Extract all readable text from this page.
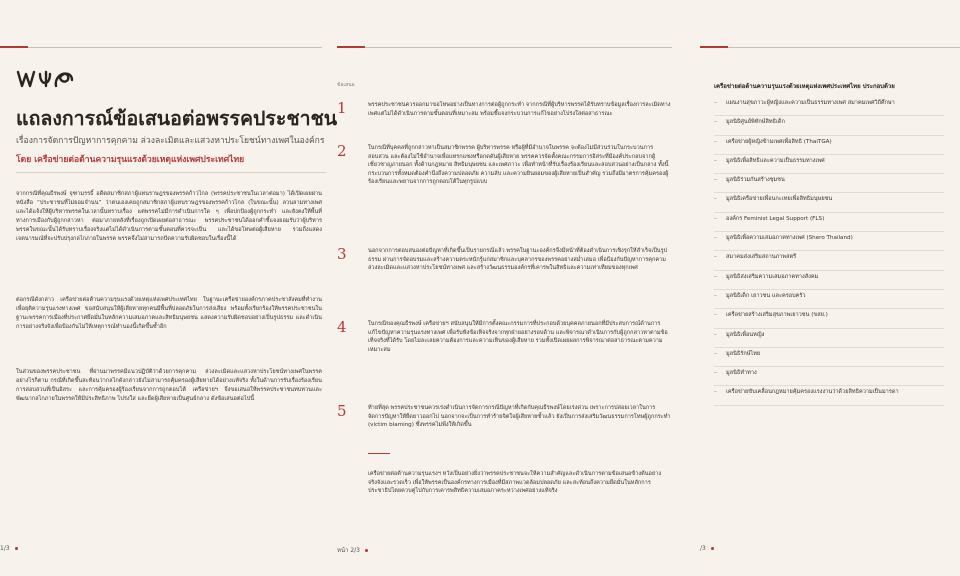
แถลงการณ์ข้อเสนอต่อพรรคประชาชน
เรื่องการจัดการปัญหาการคุกคาม ล่วงละเมิดและแสวงหาประโยชน์ทางเพศในองค์กร
โดย เครือข่ายต่อต้านความรุนแรงด้วยเหตุแห่งเพศประเทศไทย
จากกรณีที่คุณธีรพงษ์ จุฑามรรธิ์ อดีตสมาชิกสภาผู้แทนราษฎรของพรรคก้าวไกล (พรรคประชาชนในเวลาต่อมา) ได้เปิดเผยผ่านหนังสือ “ประชาชนที่ไม่ยอมจำนน” ว่าตนเองเคยถูกสมาชิกสภาผู้แทนราษฎรของพรรคก้าวไกล (ในขณะนั้น) ลวนลามทางเพศ และได้แจ้งให้ผู้บริหารพรรคในเวลานั้นทราบเรื่อง แต่พรรคไม่มีการดำเนินการใด ๆ เพื่อปกป้องผู้ถูกกระทำ และยังคงให้พื้นที่ทางการเมืองกับผู้ถูกกล่าวหา ต่อมาภายหลังที่เรื่องถูกเปิดเผยต่อสาธารณะ พรรคประชาชนได้ออกคำชี้แจงยอมรับว่าผู้บริหารพรรคในขณะนั้นได้รับทราบเรื่องจริงแต่ไม่ได้ดำเนินการตามขั้นตอนที่ควรจะเป็น และได้ขอโทษต่อผู้เสียหาย รวมถึงแสดงเจตนารมณ์ที่จะปรับปรุงกลไกภายในพรรค พรรคจึงไม่สามารถปัดความรับผิดชอบในเรื่องนี้ได้
ต่อกรณีดังกล่าว เครือข่ายต่อต้านความรุนแรงด้วยเหตุแห่งเพศประเทศไทย ในฐานะเครือข่ายองค์กรภาคประชาสังคมที่ทำงานเพื่อยุติความรุนแรงทางเพศ ขอสนับสนุนให้ผู้เสียหายทุกคนมีพื้นที่ปลอดภัยในการส่งเสียง พร้อมทั้งเรียกร้องให้พรรคประชาชนในฐานะพรรคการเมืองที่ประกาศยึดมั่นในหลักความเสมอภาคและสิทธิมนุษยชน แสดงความรับผิดชอบอย่างเป็นรูปธรรม และดำเนินการอย่างจริงจังเพื่อป้องกันไม่ให้เหตุการณ์ทำนองนี้เกิดขึ้นซ้ำอีก
ในส่วนของพรรคประชาชน ที่ผ่านมาพรรคมีแนวปฏิบัติว่าด้วยการคุกคาม ล่วงละเมิดและแสวงหาประโยชน์ทางเพศในพรรค อย่างไรก็ตาม กรณีที่เกิดขึ้นสะท้อนว่ากลไกดังกล่าวยังไม่สามารถคุ้มครองผู้เสียหายได้อย่างแท้จริง ทั้งในด้านการรับเรื่องร้องเรียน การสอบสวนที่เป็นอิสระ และการคุ้มครองผู้ร้องเรียนจากการถูกตอบโต้ เครือข่ายฯ จึงขอเสนอให้พรรคประชาชนทบทวนและพัฒนากลไกภายในพรรคให้มีประสิทธิภาพ โปร่งใส และยึดผู้เสียหายเป็นศูนย์กลาง ดังข้อเสนอต่อไปนี้
ข้อเสนอ
1	พรรคประชาชนควรออกมาขอโทษอย่างเป็นทางการต่อผู้ถูกกระทำ จากกรณีที่ผู้บริหารพรรคได้รับทราบข้อมูลเรื่องการละเมิดทางเพศแต่ไม่ได้ดำเนินการตามขั้นตอนที่เหมาะสม พร้อมชี้แจงกระบวนการแก้ไขอย่างโปร่งใสต่อสาธารณะ
2	ในกรณีที่บุคคลที่ถูกกล่าวหาเป็นสมาชิกพรรค ผู้บริหารพรรค หรือผู้ที่มีอำนาจในพรรค จะต้องไม่มีส่วนร่วมในกระบวนการสอบสวน และต้องไม่ใช้อำนาจเพื่อแทรกแซงหรือกดดันผู้เสียหาย พรรคควรจัดตั้งคณะกรรมการอิสระที่มีองค์ประกอบจากผู้เชี่ยวชาญภายนอก ทั้งด้านกฎหมาย สิทธิมนุษยชน และเพศภาวะ เพื่อทำหน้าที่รับเรื่องร้องเรียนและสอบสวนอย่างเป็นกลาง ทั้งนี้ กระบวนการทั้งหมดต้องคำนึงถึงความปลอดภัย ความลับ และความยินยอมของผู้เสียหายเป็นสำคัญ รวมถึงมีมาตรการคุ้มครองผู้ร้องเรียนและพยานจากการถูกตอบโต้ในทุกรูปแบบ
3	นอกจากการตอบสนองต่อปัญหาที่เกิดขึ้นเป็นรายกรณีแล้ว พรรคในฐานะองค์กรจึงมีหน้าที่ต้องดำเนินการเชิงรุกให้สำเร็จเป็นรูปธรรม ผ่านการจัดอบรมและสร้างความตระหนักรู้แก่สมาชิกและบุคลากรของพรรคอย่างสม่ำเสมอ เพื่อป้องกันปัญหาการคุกคาม ล่วงละเมิดและแสวงหาประโยชน์ทางเพศ และสร้างวัฒนธรรมองค์กรที่เคารพในสิทธิและความเท่าเทียมของทุกเพศ
4	ในกรณีของคุณธีรพงษ์ เครือข่ายฯ สนับสนุนให้มีการตั้งคณะกรรมการที่ประกอบด้วยบุคคลภายนอกที่มีประสบการณ์ด้านการแก้ไขปัญหาความรุนแรงทางเพศ เพื่อรับฟังข้อเท็จจริงจากทุกฝ่ายอย่างรอบด้าน และพิจารณาดำเนินการกับผู้ถูกกล่าวหาตามข้อเท็จจริงที่ได้รับ โดยไม่ละเลยความต้องการและความเห็นของผู้เสียหาย รวมทั้งเปิดเผยผลการพิจารณาต่อสาธารณะตามความเหมาะสม
5	ท้ายที่สุด พรรคประชาชนควรเร่งดำเนินการจัดการกรณีปัญหาที่เกิดกับคุณธีรพงษ์โดยเร่งด่วน เพราะการปล่อยเวลาในการจัดการปัญหาให้ยืดยาวออกไป นอกจากจะเป็นการทำร้ายจิตใจผู้เสียหายซ้ำแล้ว ยังเป็นการส่งเสริมวัฒนธรรมการโทษผู้ถูกกระทำ (victim blaming) ซึ่งพรรคไม่พึงให้เกิดขึ้น
เครือข่ายต่อต้านความรุนแรงฯ หวังเป็นอย่างยิ่งว่าพรรคประชาชนจะให้ความสำคัญและดำเนินการตามข้อเสนอข้างต้นอย่างจริงจังและรวดเร็ว เพื่อให้พรรคเป็นองค์กรทางการเมืองที่มีสภาพแวดล้อมปลอดภัย และสะท้อนถึงความยึดมั่นในหลักการประชาธิปไตยควบคู่ไปกับการเคารพสิทธิความเสมอภาคระหว่างเพศอย่างแท้จริง
เครือข่ายต่อต้านความรุนแรงด้วยเหตุแห่งเพศประเทศไทย ประกอบด้วย
– แผนงานสุขภาวะผู้หญิงและความเป็นธรรมทางเพศ สมาคมเพศวิถีศึกษา
– มูลนิธิศูนย์พิทักษ์สิทธิเด็ก
– เครือข่ายผู้หญิงข้ามเพศเพื่อสิทธิ (ThaiTGA)
– มูลนิธิเพื่อสิทธิและความเป็นธรรมทางเพศ
– มูลนิธิร่วมกันสร้างชุมชน
– มูลนิธิเครือข่ายเพื่อนกะเทยเพื่อสิทธิมนุษยชน
– องค์กร Feminist Legal Support (FLS)
– มูลนิธิเพื่อความเสมอภาคทางเพศ (Shero Thailand)
– สมาคมส่งเสริมสถานภาพสตรี
– มูลนิธิส่งเสริมความเสมอภาคทางสังคม
– มูลนิธิเด็ก เยาวชน และครอบครัว
– เครือข่ายสร้างเสริมสุขภาพเยาวชน (ขสย.)
– มูลนิธิเพื่อนหญิง
– มูลนิธิรักษ์ไทย
– มูลนิธิทำทาง
– เครือข่ายขับเคลื่อนกฎหมายคุ้มครองแรงงานว่าด้วยสิทธิความเป็นมารดา
1/3	หน้า 2/3	/3
